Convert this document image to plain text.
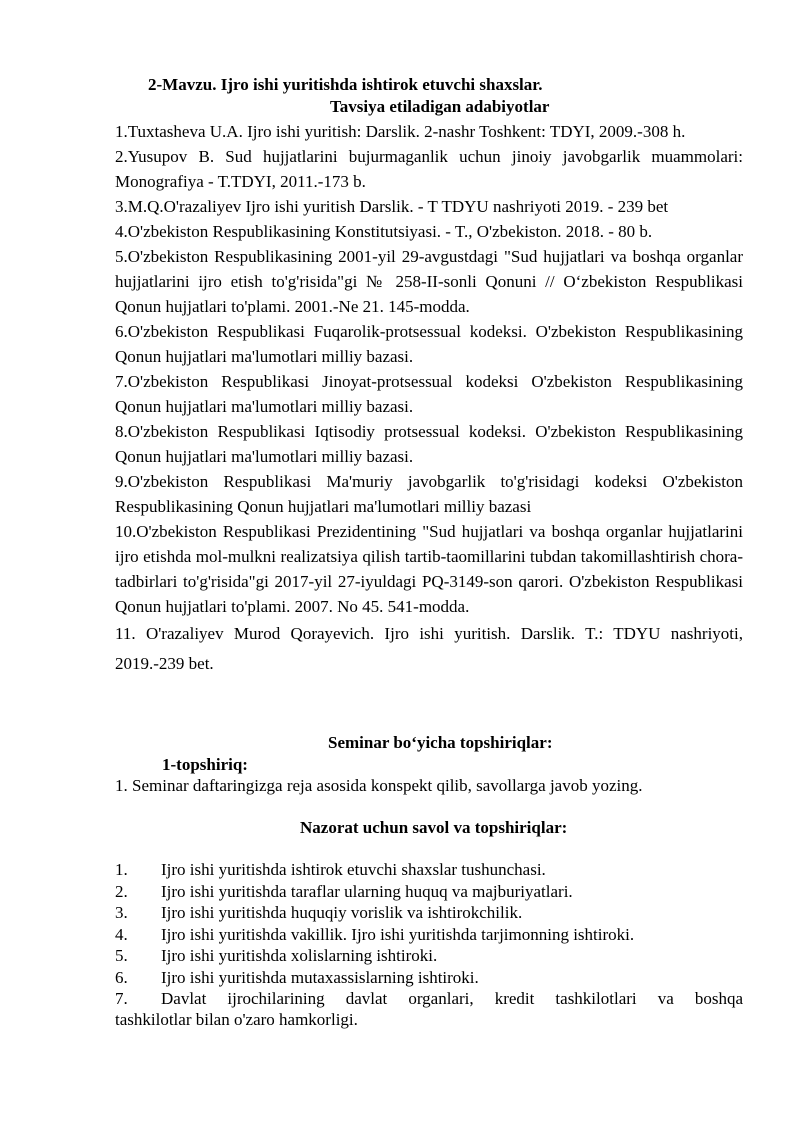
2-Mavzu. Ijro ishi yuritishda ishtirok etuvchi shaxslar.
Tavsiya etiladigan adabiyotlar

1.Tuxtasheva U.A. Ijro ishi yuritish: Darslik. 2-nashr Toshkent: TDYI, 2009.-308 h.

2.Yusupov B. Sud hujjatlarini bujurmaganlik uchun jinoiy javobgarlik muammolari: Monografiya - T.TDYI, 2011.-173 b.

3.M.Q.O'razaliyev Ijro ishi yuritish Darslik. - T TDYU nashriyoti 2019. - 239 bet

4.O'zbekiston Respublikasining Konstitutsiyasi. - T., O'zbekiston. 2018. - 80 b.

5.O'zbekiston Respublikasining 2001-yil 29-avgustdagi "Sud hujjatlari va boshqa organlar hujjatlarini ijro etish to'g'risida"gi № 258-II-sonli Qonuni // O‘zbekiston Respublikasi Qonun hujjatlari to'plami. 2001.-Ne 21. 145-modda.

6.O'zbekiston Respublikasi Fuqarolik-protsessual kodeksi. O'zbekiston Respublikasining Qonun hujjatlari ma'lumotlari milliy bazasi.

7.O'zbekiston Respublikasi Jinoyat-protsessual kodeksi O'zbekiston Respublikasining Qonun hujjatlari ma'lumotlari milliy bazasi.

8.O'zbekiston Respublikasi Iqtisodiy protsessual kodeksi. O'zbekiston Respublikasining Qonun hujjatlari ma'lumotlari milliy bazasi.

9.O'zbekiston Respublikasi Ma'muriy javobgarlik to'g'risidagi kodeksi O'zbekiston Respublikasining Qonun hujjatlari ma'lumotlari milliy bazasi

10.O'zbekiston Respublikasi Prezidentining "Sud hujjatlari va boshqa organlar hujjatlarini ijro etishda mol-mulkni realizatsiya qilish tartib-taomillarini tubdan takomillashtirish chora-tadbirlari to'g'risida"gi 2017-yil 27-iyuldagi PQ-3149-son qarori. O'zbekiston Respublikasi Qonun hujjatlari to'plami. 2007. No 45. 541-modda.

11. O'razaliyev Murod Qorayevich. Ijro ishi yuritish. Darslik. T.: TDYU nashriyoti, 2019.-239 bet.

Seminar bo‘yicha topshiriqlar:
1-topshiriq:
1. Seminar daftaringizga reja asosida konspekt qilib, savollarga javob yozing.
Nazorat uchun savol va topshiriqlar:
1.	Ijro ishi yuritishda ishtirok etuvchi shaxslar tushunchasi.
2.	Ijro ishi yuritishda taraflar ularning huquq va majburiyatlari.
3.	Ijro ishi yuritishda huquqiy vorislik va ishtirokchilik.
4.	Ijro ishi yuritishda vakillik. Ijro ishi yuritishda tarjimonning ishtiroki.
5.	Ijro ishi yuritishda xolislarning ishtiroki.
6.	Ijro ishi yuritishda mutaxassislarning ishtiroki.
7.	Davlat ijrochilarining davlat organlari, kredit tashkilotlari va boshqa
tashkilotlar bilan o'zaro hamkorligi.
